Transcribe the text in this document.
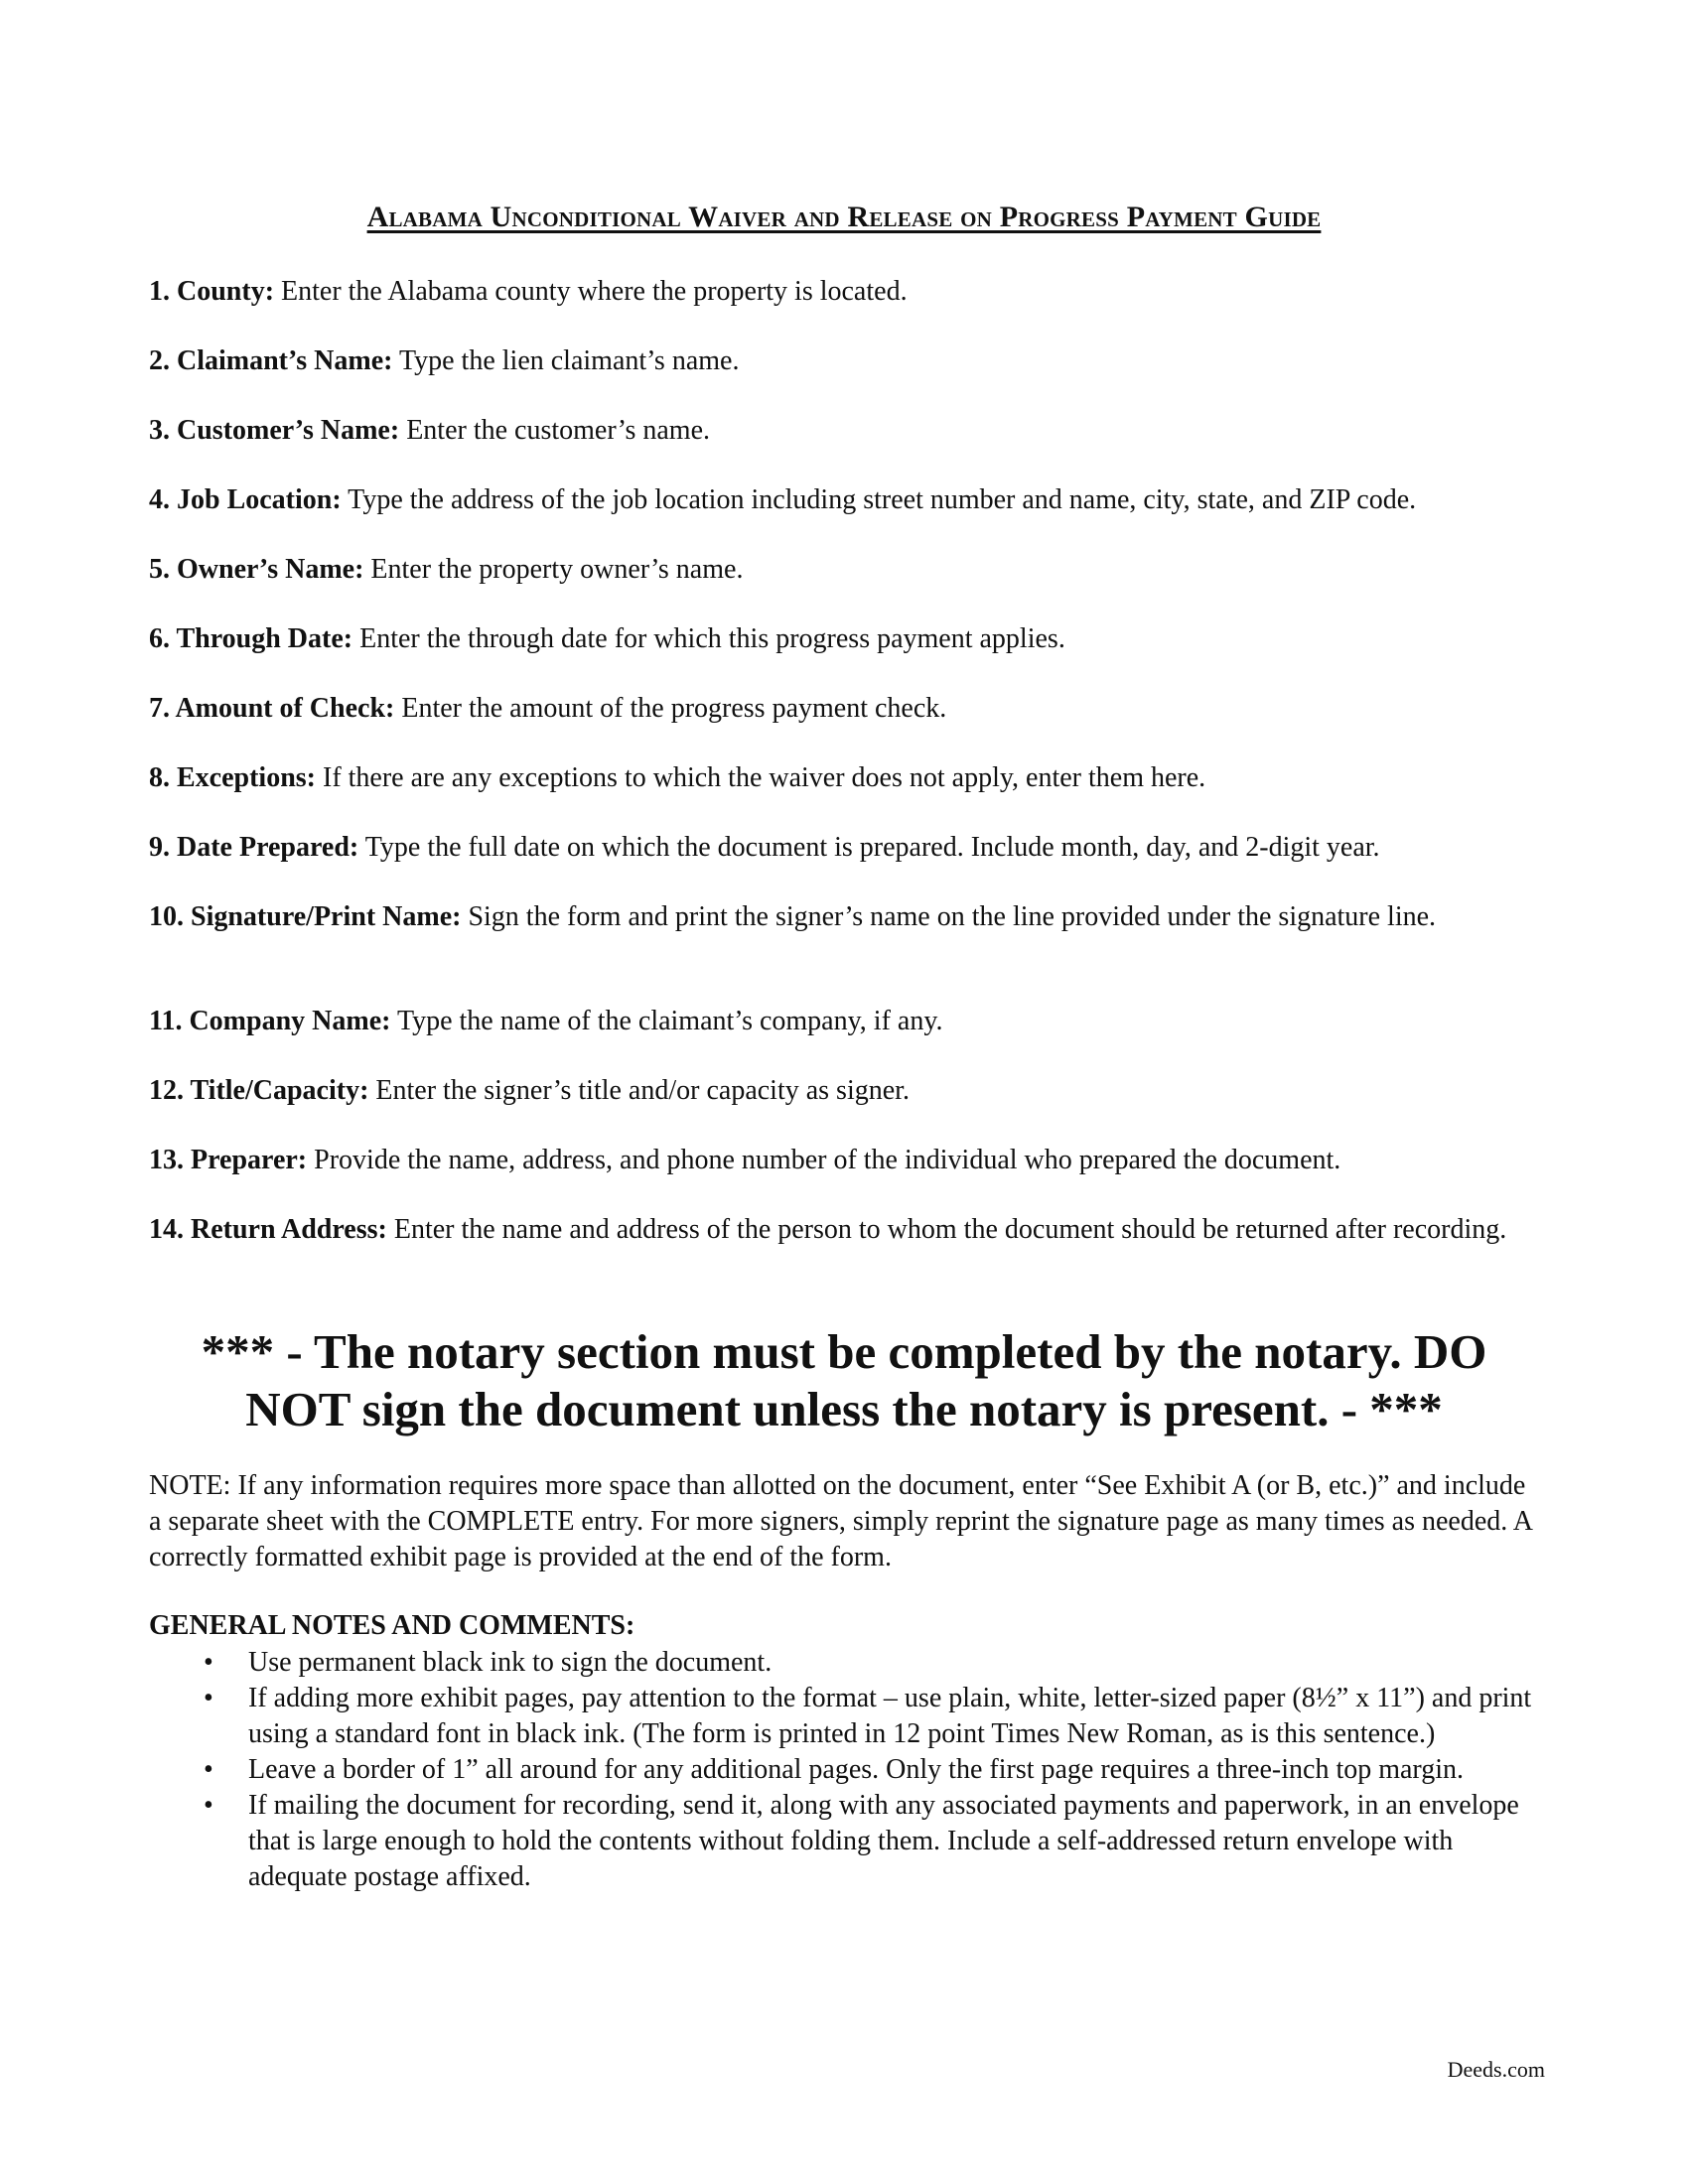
Alabama Unconditional Waiver and Release on Progress Payment Guide
1. County: Enter the Alabama county where the property is located.
2. Claimant’s Name: Type the lien claimant’s name.
3. Customer’s Name: Enter the customer’s name.
4. Job Location: Type the address of the job location including street number and name, city, state, and ZIP code.
5. Owner’s Name: Enter the property owner’s name.
6. Through Date: Enter the through date for which this progress payment applies.
7. Amount of Check: Enter the amount of the progress payment check.
8. Exceptions: If there are any exceptions to which the waiver does not apply, enter them here.
9. Date Prepared: Type the full date on which the document is prepared. Include month, day, and 2-digit year.
10. Signature/Print Name: Sign the form and print the signer’s name on the line provided under the signature line.
11. Company Name: Type the name of the claimant’s company, if any.
12. Title/Capacity: Enter the signer’s title and/or capacity as signer.
13. Preparer: Provide the name, address, and phone number of the individual who prepared the document.
14. Return Address: Enter the name and address of the person to whom the document should be returned after recording.
*** - The notary section must be completed by the notary. DO NOT sign the document unless the notary is present. - ***
NOTE: If any information requires more space than allotted on the document, enter “See Exhibit A (or B, etc.)” and include a separate sheet with the COMPLETE entry. For more signers, simply reprint the signature page as many times as needed. A correctly formatted exhibit page is provided at the end of the form.
GENERAL NOTES AND COMMENTS:
• Use permanent black ink to sign the document.
• If adding more exhibit pages, pay attention to the format – use plain, white, letter-sized paper (8½” x 11”) and print using a standard font in black ink. (The form is printed in 12 point Times New Roman, as is this sentence.)
• Leave a border of 1” all around for any additional pages. Only the first page requires a three-inch top margin.
• If mailing the document for recording, send it, along with any associated payments and paperwork, in an envelope that is large enough to hold the contents without folding them. Include a self-addressed return envelope with adequate postage affixed.
Deeds.com
